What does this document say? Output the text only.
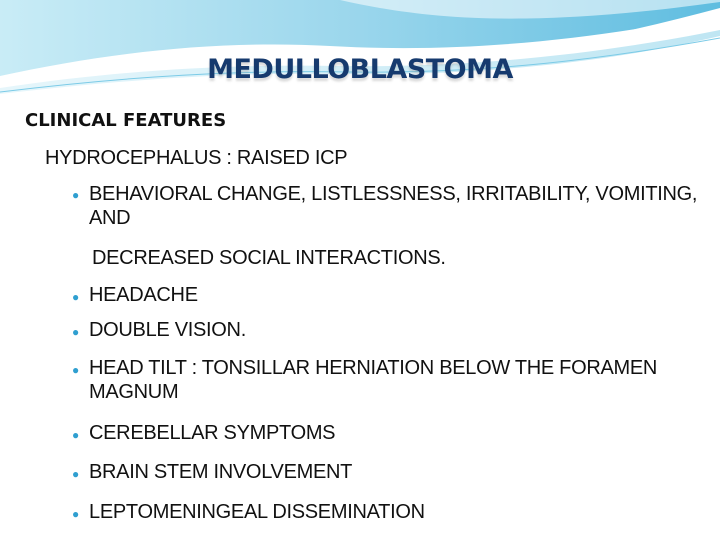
MEDULLOBLASTOMA
CLINICAL FEATURES
HYDROCEPHALUS : RAISED ICP
● BEHAVIORAL CHANGE, LISTLESSNESS, IRRITABILITY, VOMITING, AND
DECREASED SOCIAL INTERACTIONS.
● HEADACHE
● DOUBLE VISION.
● HEAD TILT : TONSILLAR HERNIATION BELOW THE FORAMEN MAGNUM
● CEREBELLAR SYMPTOMS
● BRAIN STEM INVOLVEMENT
● LEPTOMENINGEAL DISSEMINATION
